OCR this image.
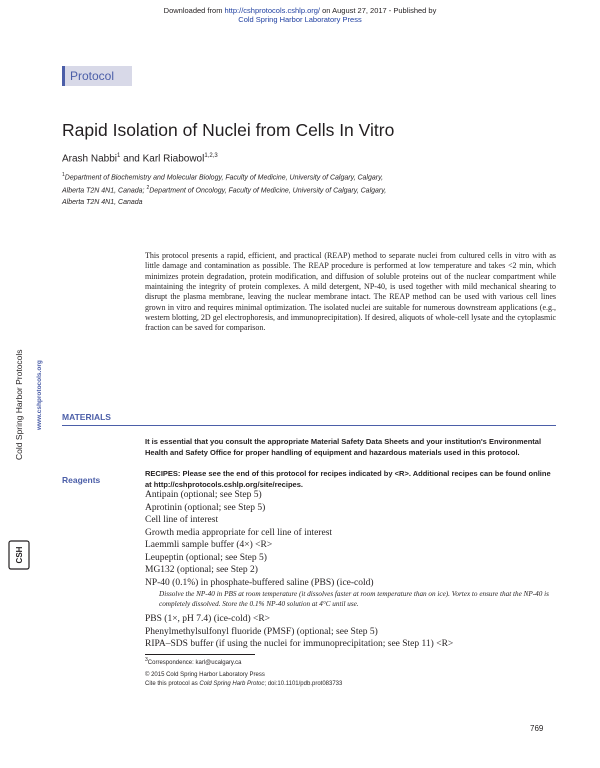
Downloaded from http://cshprotocols.cshlp.org/ on August 27, 2017 - Published by
Cold Spring Harbor Laboratory Press
Protocol
Rapid Isolation of Nuclei from Cells In Vitro
Arash Nabbi$^1$ and Karl Riabowol$^{1,2,3}$
$^1$Department of Biochemistry and Molecular Biology, Faculty of Medicine, University of Calgary, Calgary, Alberta T2N 4N1, Canada; $^2$Department of Oncology, Faculty of Medicine, University of Calgary, Calgary, Alberta T2N 4N1, Canada
This protocol presents a rapid, efficient, and practical (REAP) method to separate nuclei from cultured cells in vitro with as little damage and contamination as possible. The REAP procedure is performed at low temperature and takes <2 min, which minimizes protein degradation, protein modification, and diffusion of soluble proteins out of the nuclear compartment while maintaining the integrity of protein complexes. A mild detergent, NP-40, is used together with mild mechanical shearing to disrupt the plasma membrane, leaving the nuclear membrane intact. The REAP method can be used with various cell lines grown in vitro and requires minimal optimization. The isolated nuclei are suitable for numerous downstream applications (e.g., western blotting, 2D gel electrophoresis, and immunoprecipitation). If desired, aliquots of whole-cell lysate and the cytoplasmic fraction can be saved for comparison.
Cold Spring Harbor Protocols www.cshprotocols.org
CSH
MATERIALS
It is essential that you consult the appropriate Material Safety Data Sheets and your institution's Environmental Health and Safety Office for proper handling of equipment and hazardous materials used in this protocol.
RECIPES: Please see the end of this protocol for recipes indicated by <R>. Additional recipes can be found online at http://cshprotocols.cshlp.org/site/recipes.
Reagents
Antipain (optional; see Step 5)
Aprotinin (optional; see Step 5)
Cell line of interest
Growth media appropriate for cell line of interest
Laemmli sample buffer (4×) <R>
Leupeptin (optional; see Step 5)
MG132 (optional; see Step 2)
NP-40 (0.1%) in phosphate-buffered saline (PBS) (ice-cold)
Dissolve the NP-40 in PBS at room temperature (it dissolves faster at room temperature than on ice). Vortex to ensure that the NP-40 is completely dissolved. Store the 0.1% NP-40 solution at 4°C until use.
PBS (1×, pH 7.4) (ice-cold) <R>
Phenylmethylsulfonyl fluoride (PMSF) (optional; see Step 5)
RIPA–SDS buffer (if using the nuclei for immunoprecipitation; see Step 11) <R>
$^3$Correspondence: karl@ucalgary.ca
© 2015 Cold Spring Harbor Laboratory Press
Cite this protocol as Cold Spring Harb Protoc; doi:10.1101/pdb.prot083733
769
